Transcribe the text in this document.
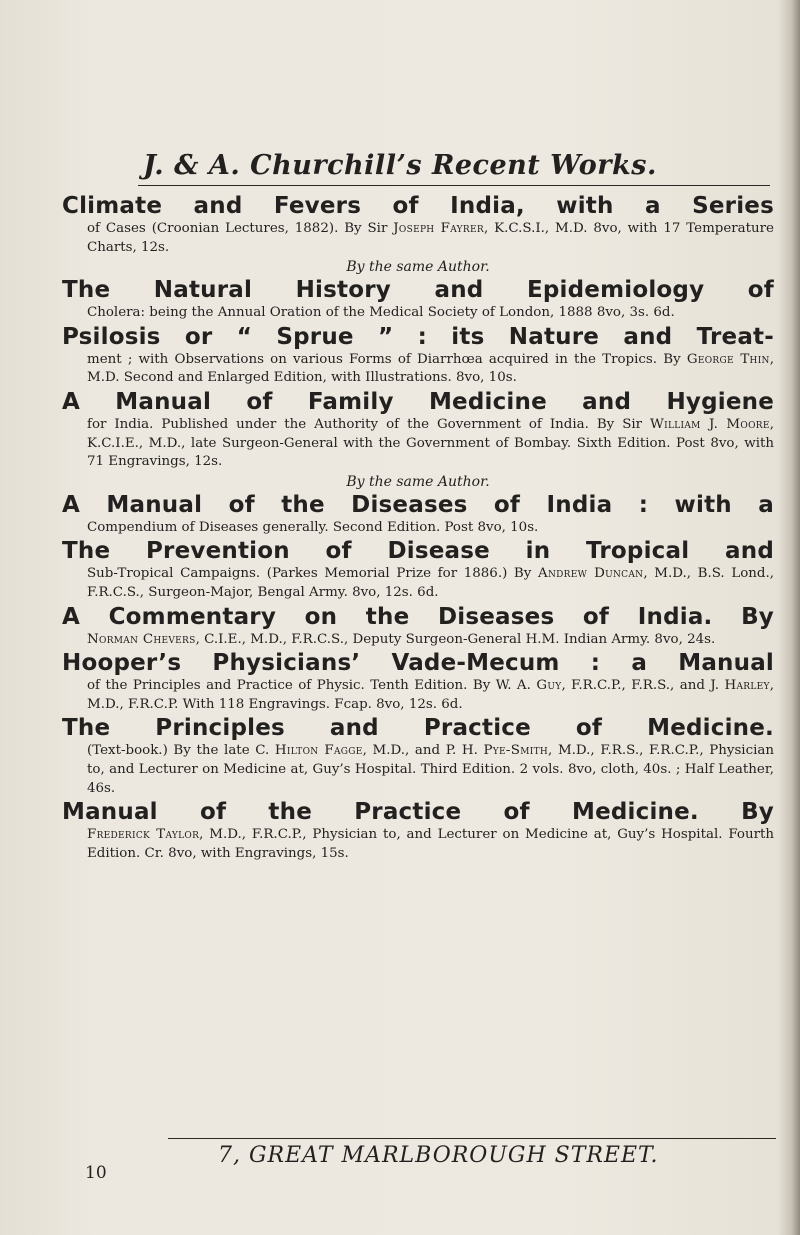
J. & A. Churchill’s Recent Works.
Climate and Fevers of India, with a Series
of Cases (Croonian Lectures, 1882). By Sir Joseph Fayrer, K.C.S.I., M.D. 8vo, with 17 Temperature Charts, 12s.
By the same Author.
The Natural History and Epidemiology of
Cholera: being the Annual Oration of the Medical Society of London, 1888 8vo, 3s. 6d.
Psilosis or “ Sprue ” : its Nature and Treat-
ment ; with Observations on various Forms of Diarrhœa acquired in the Tropics. By George Thin, M.D. Second and Enlarged Edition, with Illustrations. 8vo, 10s.
A Manual of Family Medicine and Hygiene
for India. Published under the Authority of the Government of India. By Sir William J. Moore, K.C.I.E., M.D., late Surgeon-General with the Government of Bombay. Sixth Edition. Post 8vo, with 71 Engravings, 12s.
By the same Author.
A Manual of the Diseases of India : with a
Compendium of Diseases generally. Second Edition. Post 8vo, 10s.
The Prevention of Disease in Tropical and
Sub-Tropical Campaigns. (Parkes Memorial Prize for 1886.) By Andrew Duncan, M.D., B.S. Lond., F.R.C.S., Surgeon-Major, Bengal Army. 8vo, 12s. 6d.
A Commentary on the Diseases of India. By
Norman Chevers, C.I.E., M.D., F.R.C.S., Deputy Surgeon-General H.M. Indian Army. 8vo, 24s.
Hooper’s Physicians’ Vade-Mecum : a Manual
of the Principles and Practice of Physic. Tenth Edition. By W. A. Guy, F.R.C.P., F.R.S., and J. Harley, M.D., F.R.C.P. With 118 Engravings. Fcap. 8vo, 12s. 6d.
The Principles and Practice of Medicine.
(Text-book.) By the late C. Hilton Fagge, M.D., and P. H. Pye-Smith, M.D., F.R.S., F.R.C.P., Physician to, and Lecturer on Medicine at, Guy’s Hospital. Third Edition. 2 vols. 8vo, cloth, 40s. ; Half Leather, 46s.
Manual of the Practice of Medicine. By
Frederick Taylor, M.D., F.R.C.P., Physician to, and Lecturer on Medicine at, Guy’s Hospital. Fourth Edition. Cr. 8vo, with Engravings, 15s.
7, GREAT MARLBOROUGH STREET.
10
